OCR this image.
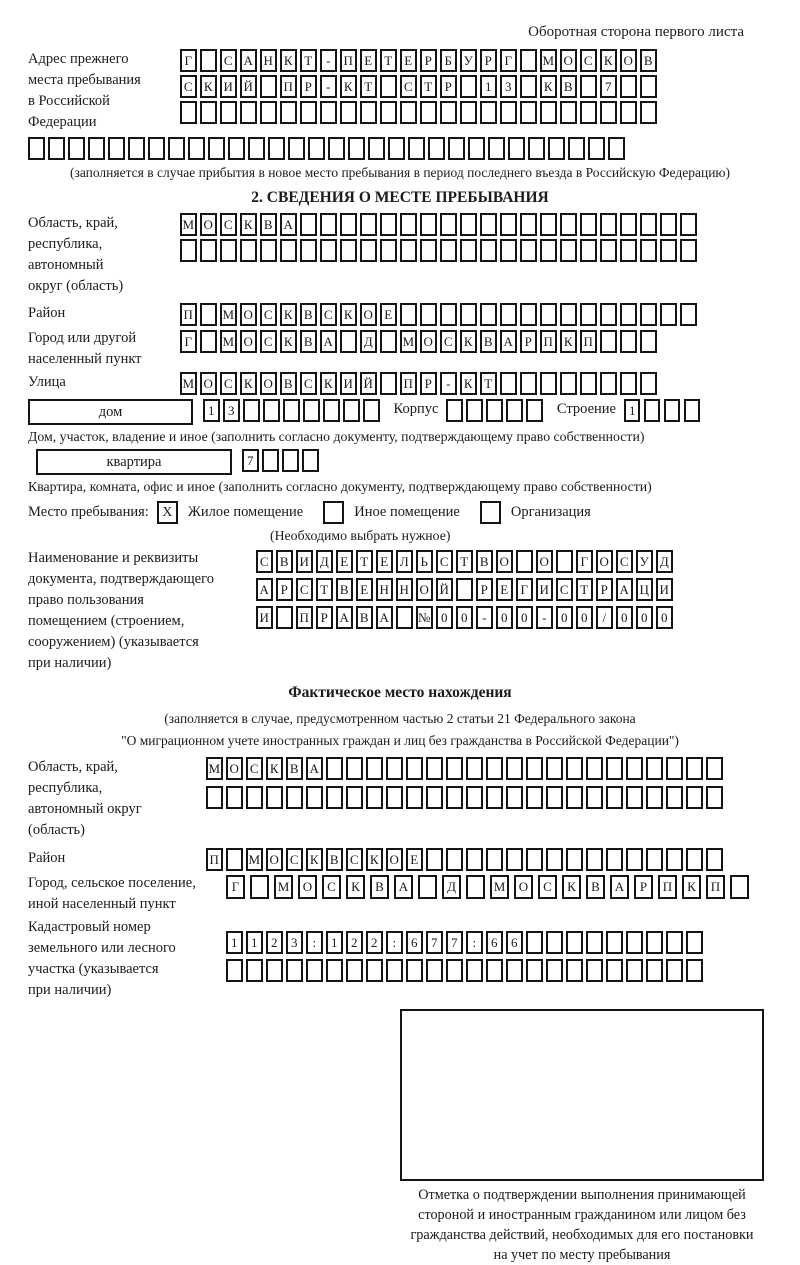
Оборотная сторона первого листа
Адрес прежнего
места пребывания
в Российской
Федерации
Г	С А Н К Т	-	П Е Т Е Р Б У Р Г	М О С К О В
С К И Й П Р	-	К Т	С Т Р	1	3	К В	7
(заполняется в случае прибытия в новое место пребывания в период последнего въезда в Российскую Федерацию)
2. СВЕДЕНИЯ О МЕСТЕ ПРЕБЫВАНИЯ
Область, край,
республика,
автономный
округ (область)
М О С К В А
Район	П М О С К В С К О Е
Город или другой
населенный пункт
Г	М О С К В А Д М О С К В А Р П К П
Улица	М О С К О В С К И Й П Р	-	К Т
дом	1	3	Корпус	Строение	1
Дом, участок, владение и иное (заполнить согласно документу, подтверждающему право собственности)
квартира	7
Квартира, комната, офис и иное (заполнить согласно документу, подтверждающему право собственности)
Место пребывания: X	Жилое помещение	Иное помещение	Организация
(Необходимо выбрать нужное)
Наименование и реквизиты
документа, подтверждающего
право пользования
помещением (строением,
сооружением) (указывается
при наличии)
С В И Д Е Т Е Л Ь С Т В О О	Г О С У Д
А Р С Т В Е Н Н О Й	Р Е Г И С Т Р А Ц И
И П Р А В А № 0	0	-	0	0	-	0	0	/	0	0	0
Фактическое место нахождения
(заполняется в случае, предусмотренном частью 2 статьи 21 Федерального закона
"О миграционном учете иностранных граждан и лиц без гражданства в Российской Федерации")
Область, край,
республика,
автономный округ
(область)
М О С К В А
Район	П М О С К В С К О Е
Город, сельское поселение,
иной населенный пункт
Г	М	О	С	К	В	А	Д	М	О	С	К	В	А	Р	П	К	П
Кадастровый номер
земельного или лесного
участка (указывается
при наличии)
1	1	2	3	:	1	2	2	:	6	7	7	:	6	6
Отметка о подтверждении выполнения принимающей
стороной и иностранным гражданином или лицом без
гражданства действий, необходимых для его постановки
на учет по месту пребывания
